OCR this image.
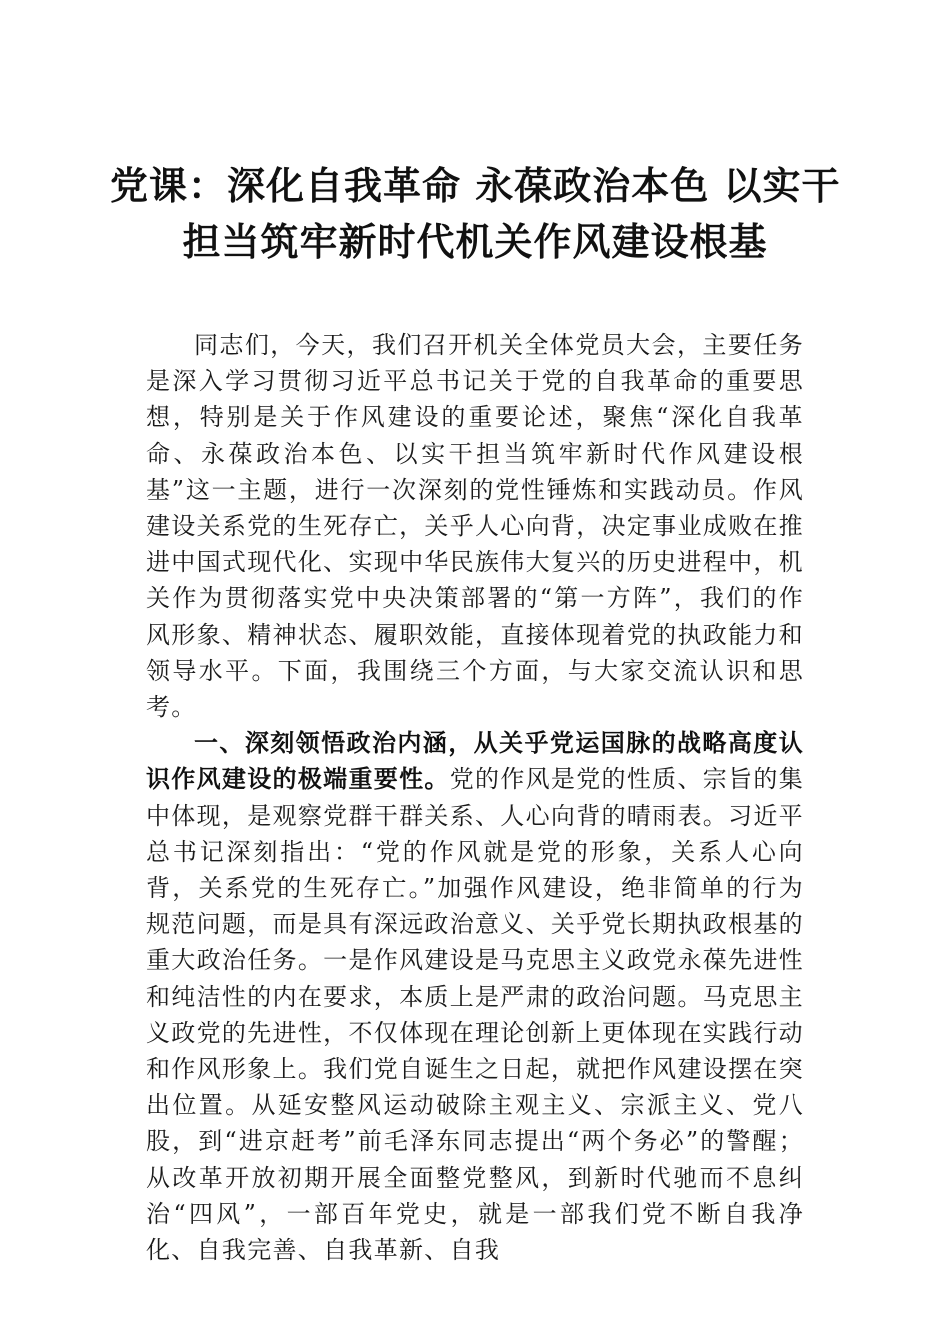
党课：深化自我革命 永葆政治本色 以实干
担当筑牢新时代机关作风建设根基

同志们，今天，我们召开机关全体党员大会，主要任务是深入学习贯彻习近平总书记关于党的自我革命的重要思想，特别是关于作风建设的重要论述，聚焦“深化自我革命、永葆政治本色、以实干担当筑牢新时代作风建设根基”这一主题，进行一次深刻的党性锤炼和实践动员。作风建设关系党的生死存亡，关乎人心向背，决定事业成败在推进中国式现代化、实现中华民族伟大复兴的历史进程中，机关作为贯彻落实党中央决策部署的“第一方阵”，我们的作风形象、精神状态、履职效能，直接体现着党的执政能力和领导水平。下面，我围绕三个方面，与大家交流认识和思考。

一、深刻领悟政治内涵，从关乎党运国脉的战略高度认识作风建设的极端重要性。党的作风是党的性质、宗旨的集中体现，是观察党群干群关系、人心向背的晴雨表。习近平总书记深刻指出：“党的作风就是党的形象，关系人心向背，关系党的生死存亡。”加强作风建设，绝非简单的行为规范问题，而是具有深远政治意义、关乎党长期执政根基的重大政治任务。一是作风建设是马克思主义政党永葆先进性和纯洁性的内在要求，本质上是严肃的政治问题。马克思主义政党的先进性，不仅体现在理论创新上更体现在实践行动和作风形象上。我们党自诞生之日起，就把作风建设摆在突出位置。从延安整风运动破除主观主义、宗派主义、党八股，到“进京赶考”前毛泽东同志提出“两个务必”的警醒；从改革开放初期开展全面整党整风，到新时代驰而不息纠治“四风”，一部百年党史，就是一部我们党不断自我净化、自我完善、自我革新、自我
